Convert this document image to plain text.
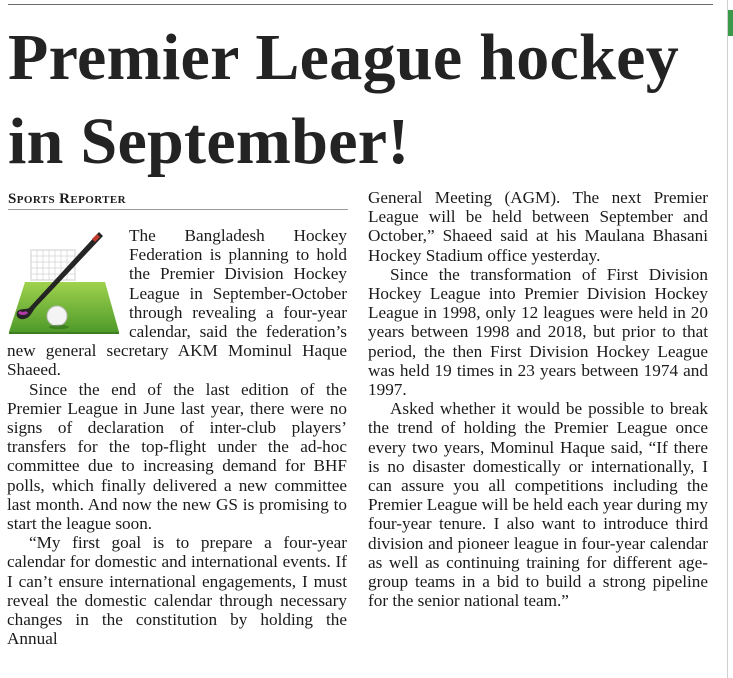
Premier League hockey in September!
Sports Reporter

The Bangladesh Hockey Federation is planning to hold the Premier Division Hockey League in September-October through revealing a four-year calendar, said the federation’s new general secretary AKM Mominul Haque Shaeed.

Since the end of the last edition of the Premier League in June last year, there were no signs of declaration of inter-club players’ transfers for the top-flight under the ad-hoc committee due to increasing demand for BHF polls, which finally delivered a new committee last month. And now the new GS is promising to start the league soon.

“My first goal is to prepare a four-year calendar for domestic and international events. If I can’t ensure international engagements, I must reveal the domestic calendar through necessary changes in the constitution by holding the Annual

General Meeting (AGM). The next Premier League will be held between September and October,” Shaeed said at his Maulana Bhasani Hockey Stadium office yesterday.

Since the transformation of First Division Hockey League into Premier Division Hockey League in 1998, only 12 leagues were held in 20 years between 1998 and 2018, but prior to that period, the then First Division Hockey League was held 19 times in 23 years between 1974 and 1997.

Asked whether it would be possible to break the trend of holding the Premier League once every two years, Mominul Haque said, “If there is no disaster domestically or internationally, I can assure you all competitions including the Premier League will be held each year during my four-year tenure. I also want to introduce third division and pioneer league in four-year calendar as well as continuing training for different age-group teams in a bid to build a strong pipeline for the senior national team.”
